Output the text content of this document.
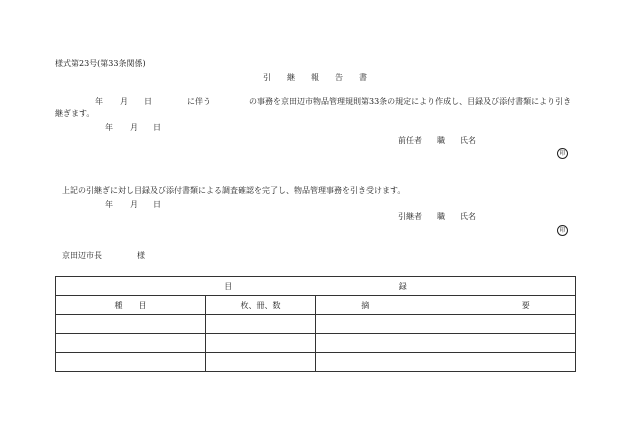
様式第23号(第33条関係)
引　　継　　報　　告　　書
年 月 日	に伴う	の事務を京田辺市物品管理規則第33条の規定により作成し、目録及び添付書類により引き
継ぎます。
年 月 日
前任者 職 氏名
印
上記の引継ぎに対し目録及び添付書類による調査確認を完了し、物品管理事務を引き受けます。
年 月 日
引継者 職 氏名
印
京田辺市長	様
目 録		
種　　目	枚、冊、数	摘 要
